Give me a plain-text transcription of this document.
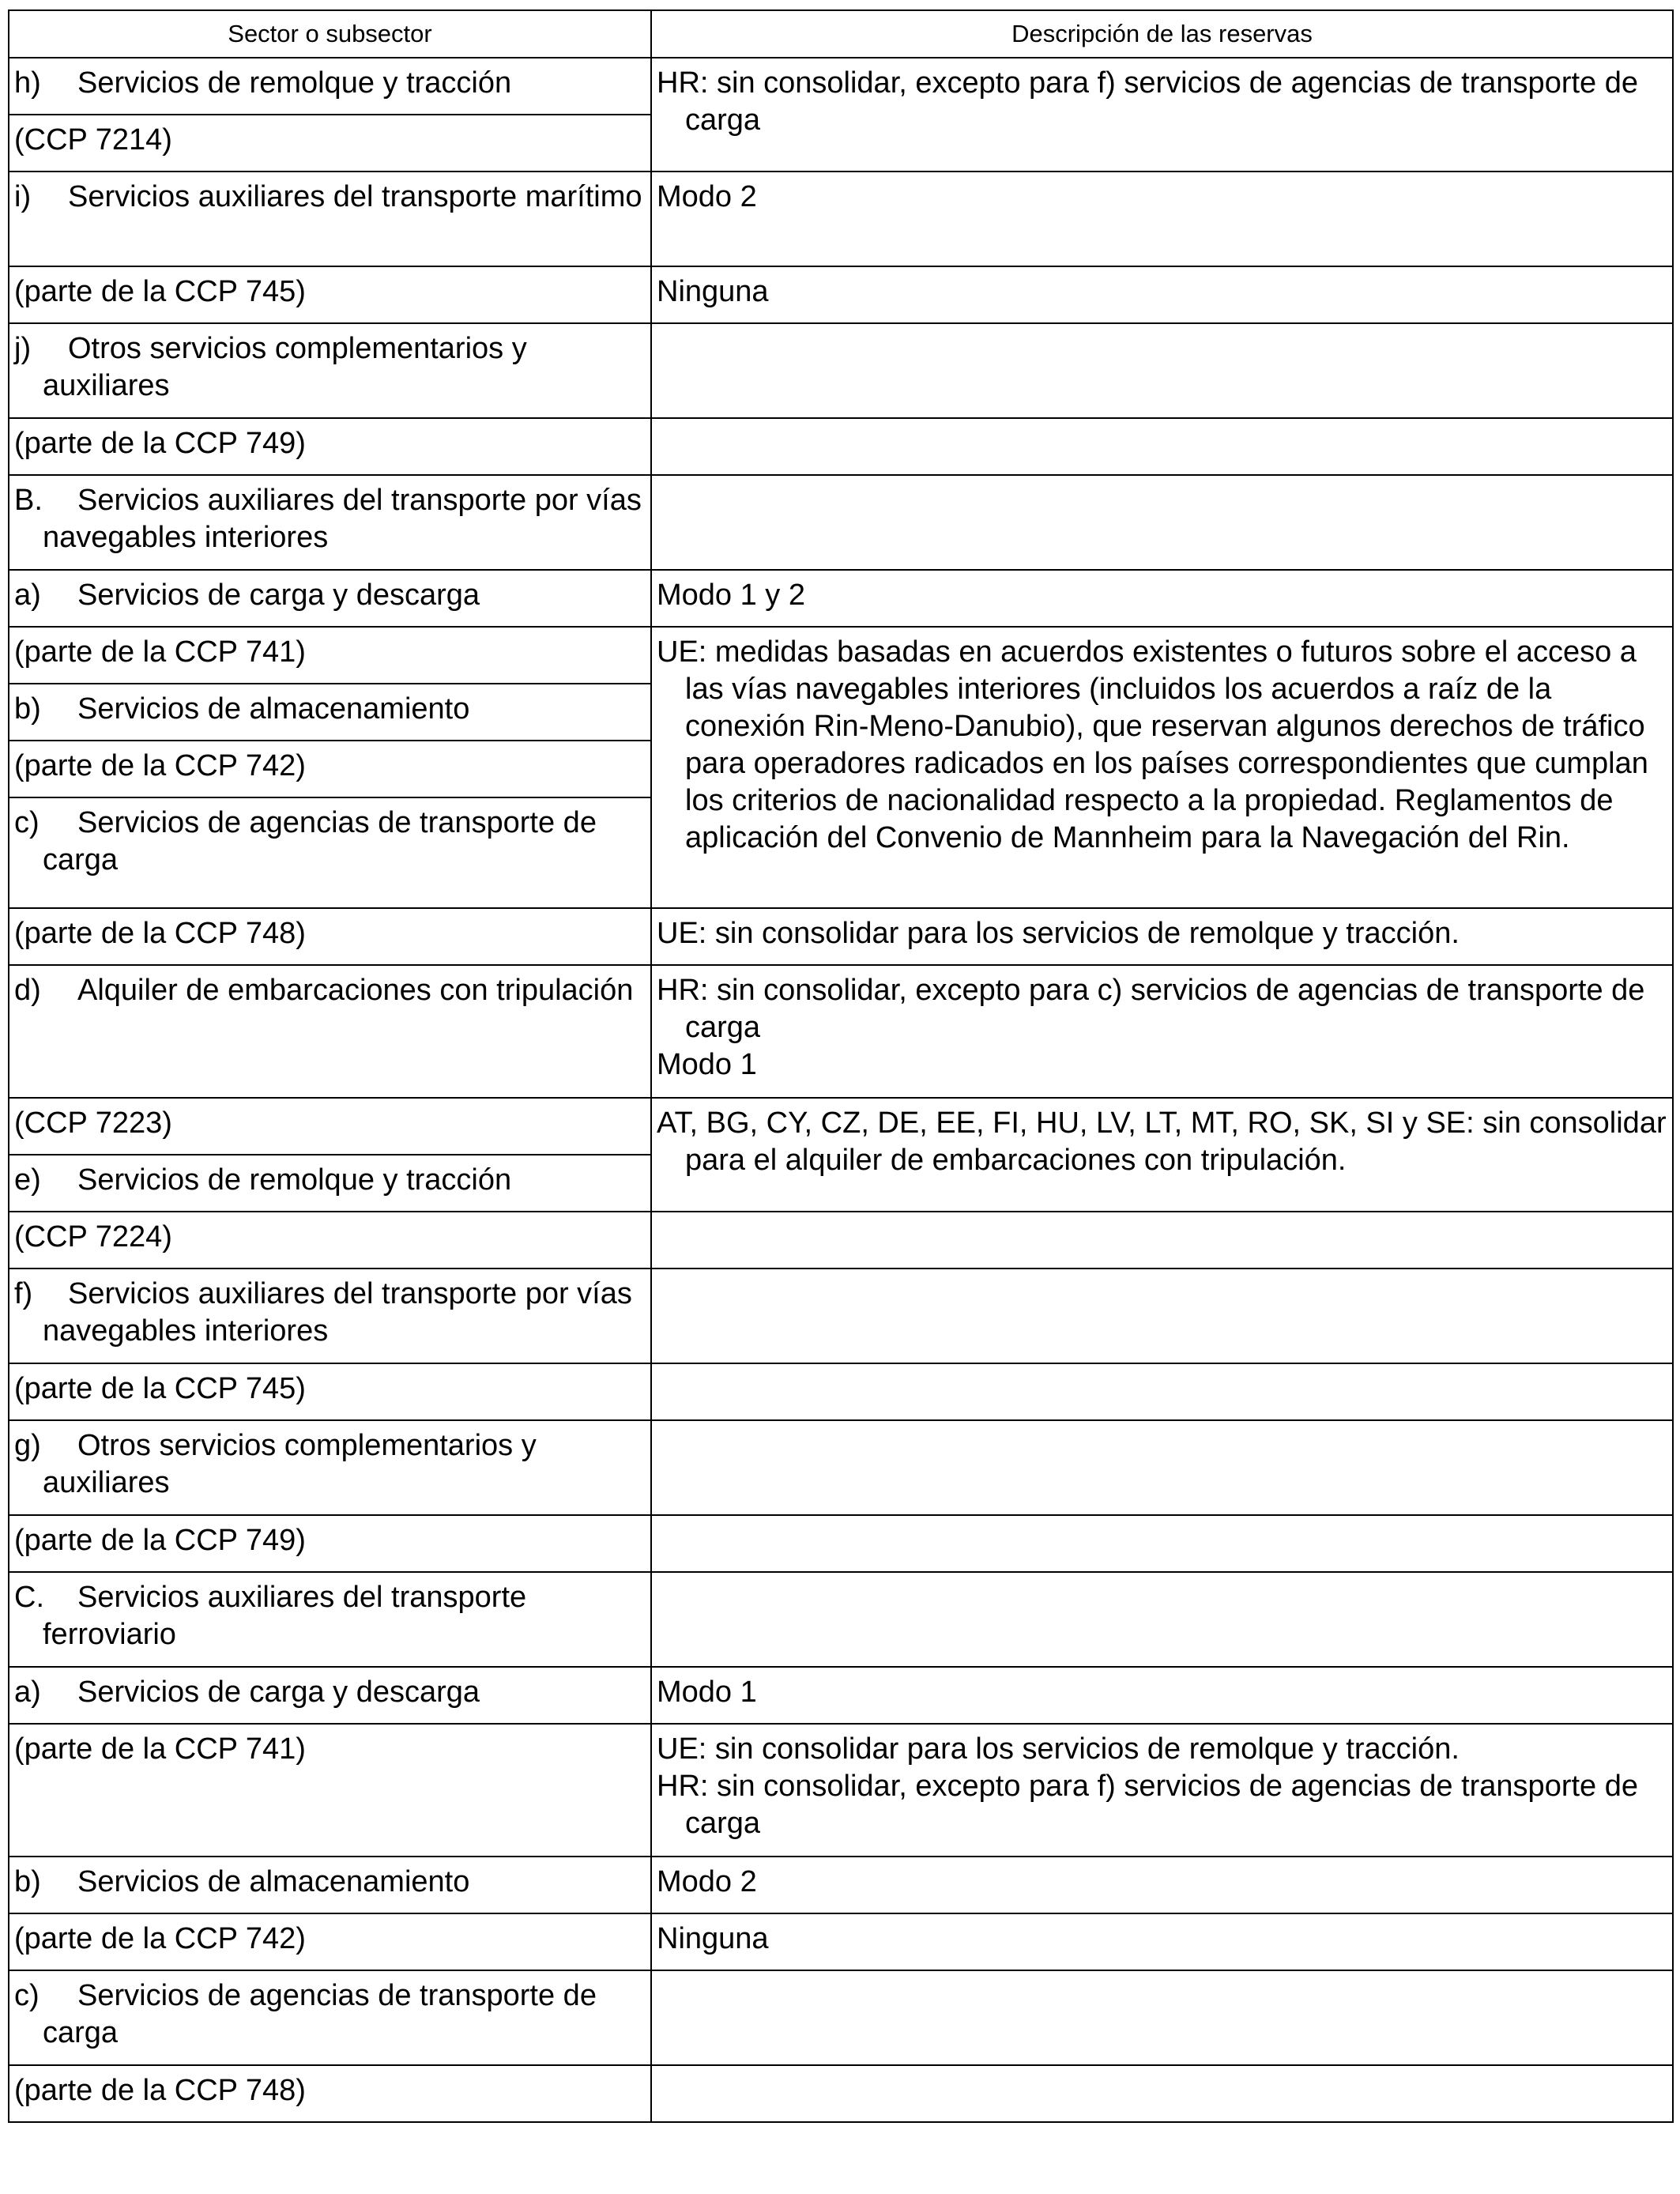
Sector o subsector	Descripción de las reservas

h) Servicios de remolque y tracción	HR: sin consolidar, excepto para f) servicios de agencias de transporte de carga

(CCP 7214)	

i) Servicios auxiliares del transporte marítimo	Modo 2

(parte de la CCP 745)	Ninguna

j) Otros servicios complementarios y auxiliares	

(parte de la CCP 749)	

B. Servicios auxiliares del transporte por vías navegables interiores	

a) Servicios de carga y descarga	Modo 1 y 2

(parte de la CCP 741)	UE: medidas basadas en acuerdos existentes o futuros sobre el acceso a las vías navegables interiores (incluidos los acuerdos a raíz de la conexión Rin-Meno-Danubio), que reservan algunos derechos de tráfico para operadores radicados en los países correspondientes que cumplan los criterios de nacionalidad respecto a la propiedad. Reglamentos de aplicación del Convenio de Mannheim para la Navegación del Rin.

b) Servicios de almacenamiento	

(parte de la CCP 742)	

c) Servicios de agencias de transporte de carga	

(parte de la CCP 748)	UE: sin consolidar para los servicios de remolque y tracción.

d) Alquiler de embarcaciones con tripulación	HR: sin consolidar, excepto para c) servicios de agencias de transporte de carga
Modo 1

(CCP 7223)	AT, BG, CY, CZ, DE, EE, FI, HU, LV, LT, MT, RO, SK, SI y SE: sin consolidar para el alquiler de embarcaciones con tripulación.

e) Servicios de remolque y tracción	

(CCP 7224)	

f) Servicios auxiliares del transporte por vías navegables interiores	

(parte de la CCP 745)	

g) Otros servicios complementarios y auxiliares	

(parte de la CCP 749)	

C. Servicios auxiliares del transporte ferroviario	

a) Servicios de carga y descarga	Modo 1

(parte de la CCP 741)	UE: sin consolidar para los servicios de remolque y tracción.
HR: sin consolidar, excepto para f) servicios de agencias de transporte de carga

b) Servicios de almacenamiento	Modo 2

(parte de la CCP 742)	Ninguna

c) Servicios de agencias de transporte de carga	

(parte de la CCP 748)	
